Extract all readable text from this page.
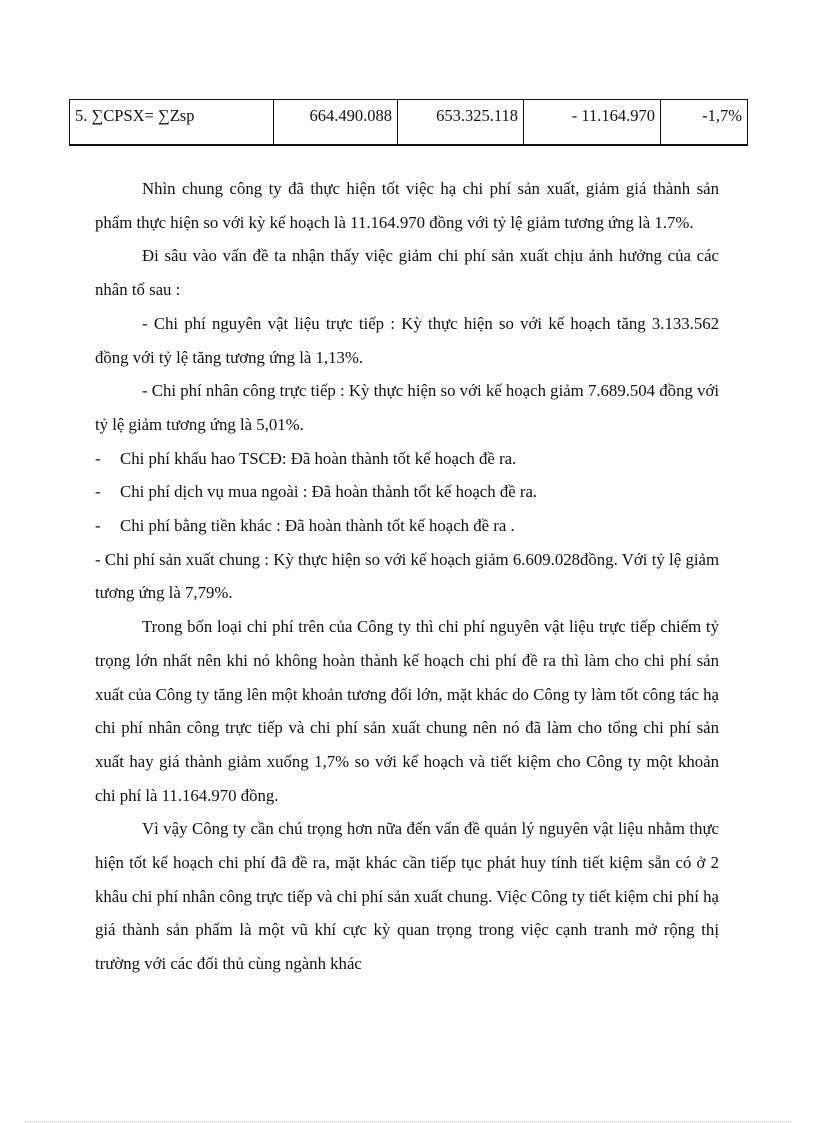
5. ∑CPSX= ∑Zsp	664.490.088	653.325.118	- 11.164.970	-1,7%

Nhìn chung công ty đã thực hiện tốt việc hạ chi phí sản xuất, giảm giá thành sản phẩm thực hiện so với kỳ kế hoạch là 11.164.970 đồng với tỷ lệ giảm tương ứng là 1.7%.

Đi sâu vào vấn đề ta nhận thấy việc giảm chi phí sản xuất chịu ảnh hưởng của các nhân tố sau :

- Chi phí nguyên vật liệu trực tiếp : Kỳ thực hiện so với kế hoạch tăng 3.133.562 đồng với tỷ lệ tăng tương ứng là 1,13%.

- Chi phí nhân công trực tiếp : Kỳ thực hiện so với kế hoạch giảm 7.689.504 đồng với tỷ lệ giảm tương ứng là 5,01%.

-	Chi phí khấu hao TSCĐ: Đã hoàn thành tốt kế hoạch đề ra.

-	Chi phí dịch vụ mua ngoài : Đã hoàn thành tốt kế hoạch đề ra.

-	Chi phí bằng tiền khác : Đã hoàn thành tốt kế hoạch đề ra .

- Chi phí sản xuất chung : Kỳ thực hiện so với kế hoạch giảm 6.609.028đồng. Với tỷ lệ giảm tương ứng là 7,79%.

Trong bốn loại chi phí trên của Công ty thì chi phí nguyên vật liệu trực tiếp chiếm tỷ trọng lớn nhất nên khi nó không hoàn thành kế hoạch chi phí đề ra thì làm cho chi phí sản xuất của Công ty tăng lên một khoản tương đối lớn, mặt khác do Công ty làm tốt công tác hạ chi phí nhân công trực tiếp và chi phí sản xuất chung nên nó đã làm cho tổng chi phí sản xuất hay giá thành giảm xuống 1,7% so với kế hoạch và tiết kiệm cho Công ty một khoản chi phí là 11.164.970 đồng.

Vì vậy Công ty cần chú trọng hơn nữa đến vấn đề quản lý nguyên vật liệu nhằm thực hiện tốt kế hoạch chi phí đã đề ra, mặt khác cần tiếp tục phát huy tính tiết kiệm sẵn có ở 2 khâu chi phí nhân công trực tiếp và chi phí sản xuất chung. Việc Công ty tiết kiệm chi phí hạ giá thành sản phẩm là một vũ khí cực kỳ quan trọng trong việc cạnh tranh mở rộng thị trường với các đối thủ cùng ngành khác
